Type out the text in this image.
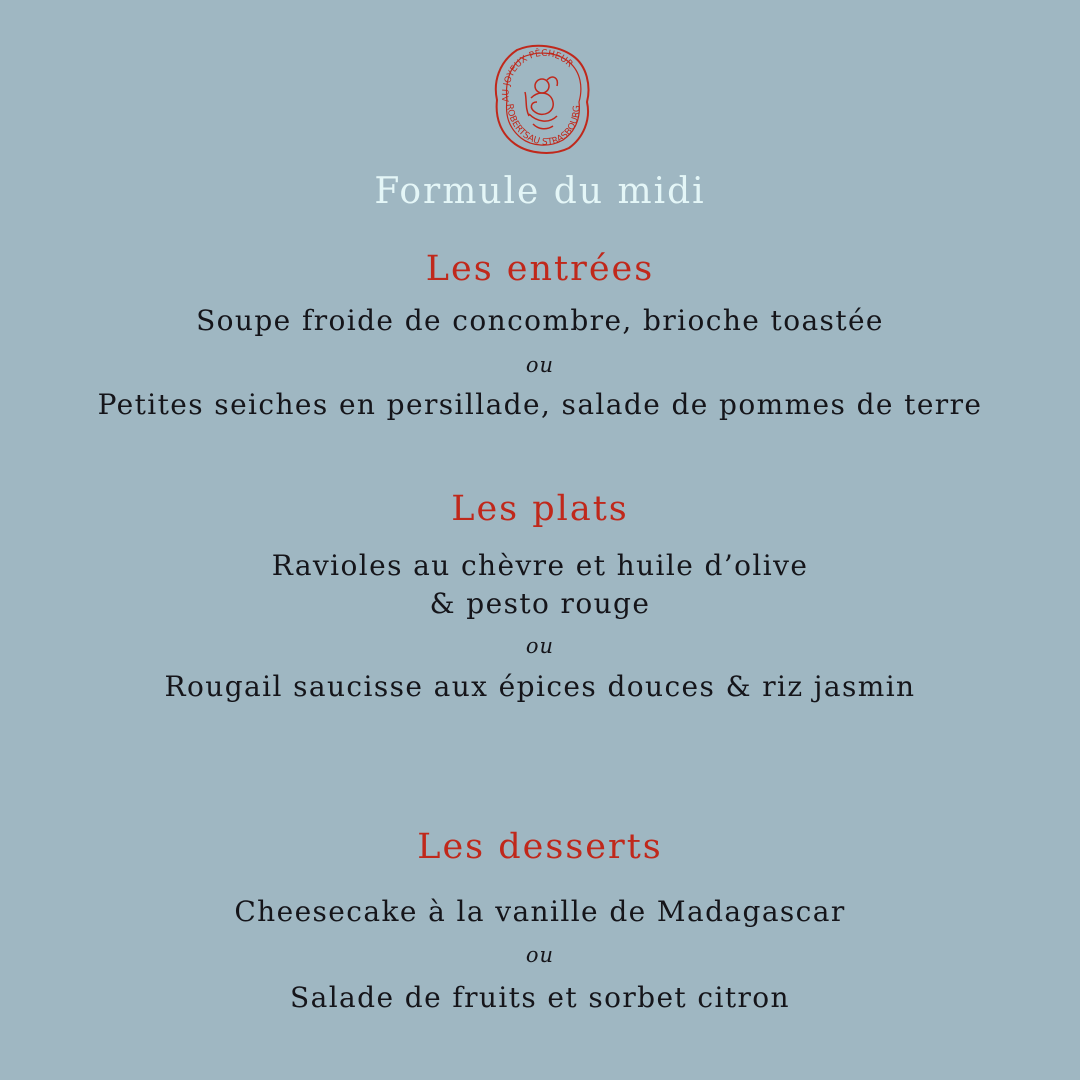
AU JOYEUX PÊCHEUR
ROBERTSAU STRASBOURG
Formule du midi
Les entrées
Soupe froide de concombre, brioche toastée
ou
Petites seiches en persillade, salade de pommes de terre
Les plats
Ravioles au chèvre et huile d’olive
& pesto rouge
ou
Rougail saucisse aux épices douces & riz jasmin
Les desserts
Cheesecake à la vanille de Madagascar
ou
Salade de fruits et sorbet citron
